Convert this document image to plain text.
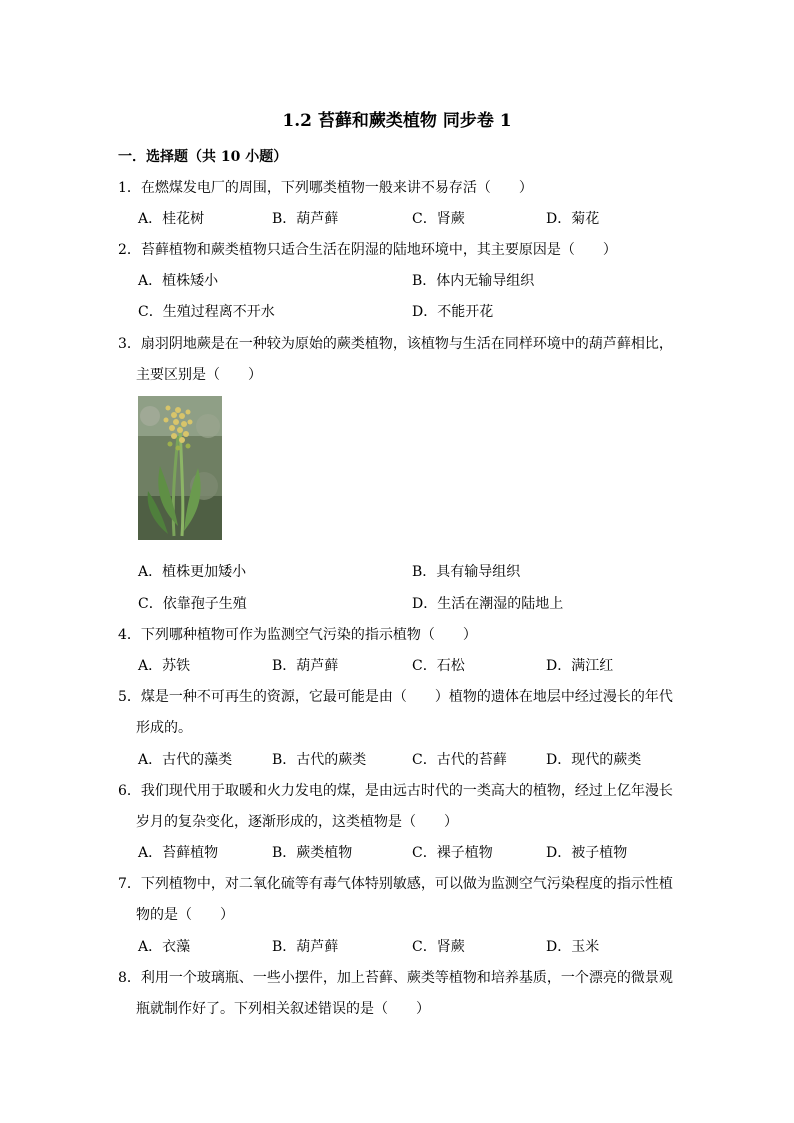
1.2 苔藓和蕨类植物 同步卷 1
一．选择题（共 10 小题）
1．在燃煤发电厂的周围，下列哪类植物一般来讲不易存活（　　）
A．桂花树	B．葫芦藓	C．肾蕨	D．菊花
2．苔藓植物和蕨类植物只适合生活在阴湿的陆地环境中，其主要原因是（　　）
A．植株矮小	B．体内无输导组织
C．生殖过程离不开水	D．不能开花
3．扇羽阴地蕨是在一种较为原始的蕨类植物，该植物与生活在同样环境中的葫芦藓相比，
主要区别是（　　）
A．植株更加矮小	B．具有输导组织
C．依靠孢子生殖	D．生活在潮湿的陆地上
4．下列哪种植物可作为监测空气污染的指示植物（　　）
A．苏铁	B．葫芦藓	C．石松	D．满江红
5．煤是一种不可再生的资源，它最可能是由（　　）植物的遗体在地层中经过漫长的年代
形成的。
A．古代的藻类	B．古代的蕨类	C．古代的苔藓	D．现代的蕨类
6．我们现代用于取暖和火力发电的煤，是由远古时代的一类高大的植物，经过上亿年漫长
岁月的复杂变化，逐渐形成的，这类植物是（　　）
A．苔藓植物	B．蕨类植物	C．裸子植物	D．被子植物
7．下列植物中，对二氧化硫等有毒气体特别敏感，可以做为监测空气污染程度的指示性植
物的是（　　）
A．衣藻	B．葫芦藓	C．肾蕨	D．玉米
8．利用一个玻璃瓶、一些小摆件，加上苔藓、蕨类等植物和培养基质，一个漂亮的微景观
瓶就制作好了。下列相关叙述错误的是（　　）
